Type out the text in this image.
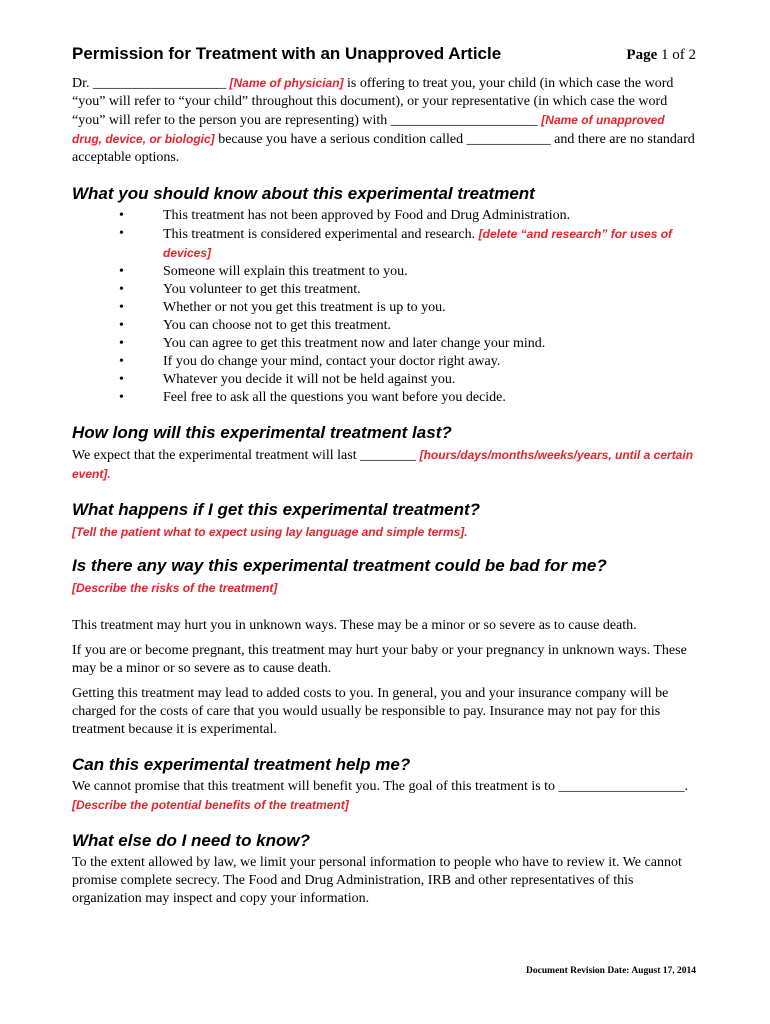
Permission for Treatment with an Unapproved Article	Page 1 of 2

Dr. ___________________ [Name of physician] is offering to treat you, your child (in which case the word “you” will refer to “your child” throughout this document), or your representative (in which case the word “you” will refer to the person you are representing) with _____________________ [Name of unapproved drug, device, or biologic] because you have a serious condition called ____________ and there are no standard acceptable options.

What you should know about this experimental treatment
•	This treatment has not been approved by Food and Drug Administration.
•	This treatment is considered experimental and research. [delete “and research” for uses of devices]
•	Someone will explain this treatment to you.
•	You volunteer to get this treatment.
•	Whether or not you get this treatment is up to you.
•	You can choose not to get this treatment.
•	You can agree to get this treatment now and later change your mind.
•	If you do change your mind, contact your doctor right away.
•	Whatever you decide it will not be held against you.
•	Feel free to ask all the questions you want before you decide.
How long will this experimental treatment last?

We expect that the experimental treatment will last ________ [hours/days/months/weeks/years, until a certain event].

What happens if I get this experimental treatment?

[Tell the patient what to expect using lay language and simple terms].

Is there any way this experimental treatment could be bad for me?

[Describe the risks of the treatment]

This treatment may hurt you in unknown ways. These may be a minor or so severe as to cause death.

If you are or become pregnant, this treatment may hurt your baby or your pregnancy in unknown ways. These may be a minor or so severe as to cause death.

Getting this treatment may lead to added costs to you. In general, you and your insurance company will be charged for the costs of care that you would usually be responsible to pay. Insurance may not pay for this treatment because it is experimental.

Can this experimental treatment help me?

We cannot promise that this treatment will benefit you. The goal of this treatment is to __________________. [Describe the potential benefits of the treatment]

What else do I need to know?

To the extent allowed by law, we limit your personal information to people who have to review it. We cannot promise complete secrecy. The Food and Drug Administration, IRB and other representatives of this organization may inspect and copy your information.

Document Revision Date: August 17, 2014
